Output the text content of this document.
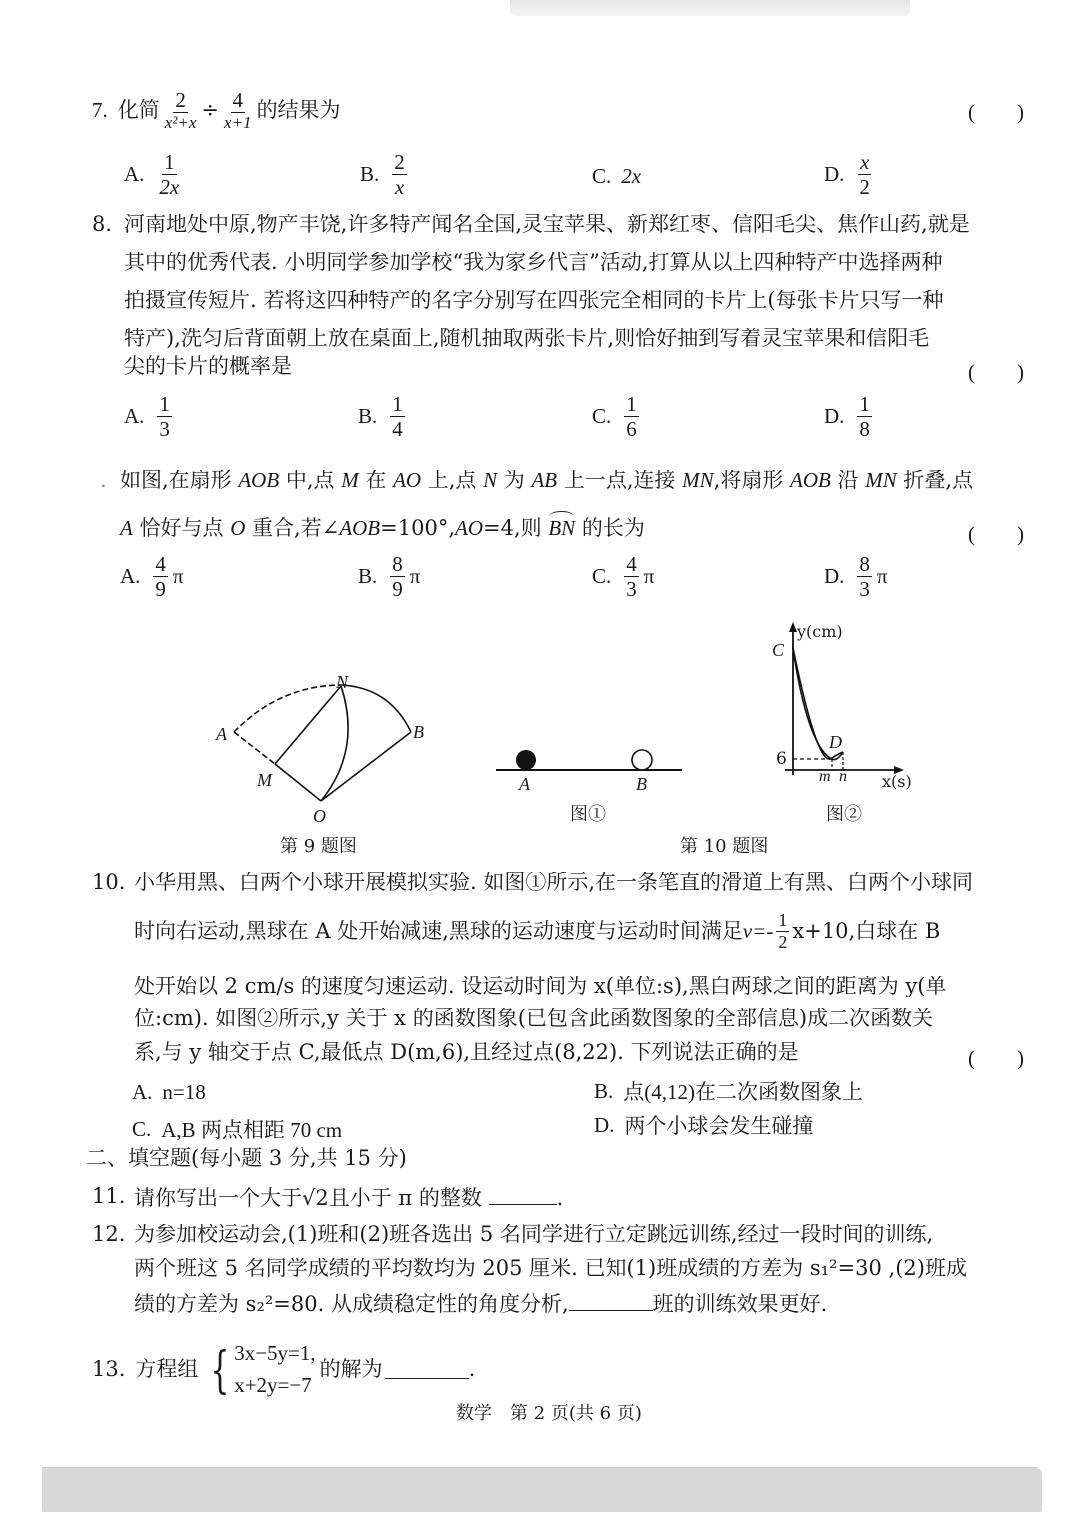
7. 化简 $\frac{2}{\text{x²+x}} \div \frac{4}{x+1}$ 的结果为	(　　)
A. $\frac{1}{2x}$	B. $\frac{2}{x}$	C. 2x	D. $\frac{x}{2}$
8. 河南地处中原,物产丰饶,许多特产闻名全国,灵宝苹果、新郑红枣、信阳毛尖、焦作山药,就是
其中的优秀代表. 小明同学参加学校“我为家乡代言”活动,打算从以上四种特产中选择两种
拍摄宣传短片. 若将这四种特产的名字分别写在四张完全相同的卡片上(每张卡片只写一种
特产),洗匀后背面朝上放在桌面上,随机抽取两张卡片,则恰好抽到写着灵宝苹果和信阳毛
尖的卡片的概率是	(　　)
A. $\frac{1}{3}$	B. $\frac{1}{4}$	C. $\frac{1}{6}$	D. $\frac{1}{8}$
. 如图,在扇形 AOB 中,点 M 在 AO 上,点 N 为 AB 上一点,连接 MN,将扇形 AOB 沿 MN 折叠,点
A 恰好与点 O 重合,若∠AOB=100°,AO=4,则 BN 的长为	(　　)
A. $\frac{4}{9}$ π	B. $\frac{8}{9}$ π	C. $\frac{4}{3}$ π	D. $\frac{8}{3}$ π
A	B
N
M
O
第 9 题图
A	B
图①
y(cm)
C
D
6
m n x(s)
图②
第 10 题图
10. 小华用黑、白两个小球开展模拟实验. 如图①所示,在一条笔直的滑道上有黑、白两个小球同
时向右运动,黑球在 A 处开始减速,黑球的运动速度与运动时间满足 $v=- \frac{1}{2} x+10$,白球在 B
处开始以 2 cm/s 的速度匀速运动. 设运动时间为 x(单位:s),黑白两球之间的距离为 y(单
位:cm). 如图②所示,y 关于 x 的函数图象(已包含此函数图象的全部信息)成二次函数关
系,与 y 轴交于点 C,最低点 D(m,6),且经过点(8,22). 下列说法正确的是	(　　)
A. n=18	B. 点(4,12)在二次函数图象上
C. A,B 两点相距 70 cm	D. 两个小球会发生碰撞
二、填空题(每小题 3 分,共 15 分)
11. 请你写出一个大于√2且小于 π 的整数	.
12. 为参加校运动会,(1)班和(2)班各选出 5 名同学进行立定跳远训练,经过一段时间的训练,
两个班这 5 名同学成绩的平均数均为 205 厘米. 已知(1)班成绩的方差为 s₁²=30 ,(2)班成
绩的方差为 s₂²=80. 从成绩稳定性的角度分析,	班的训练效果更好.
13. 方程组 { 3x−5y=1,
x+2y=−7
的解为	.
数学　第 2 页(共 6 页)
